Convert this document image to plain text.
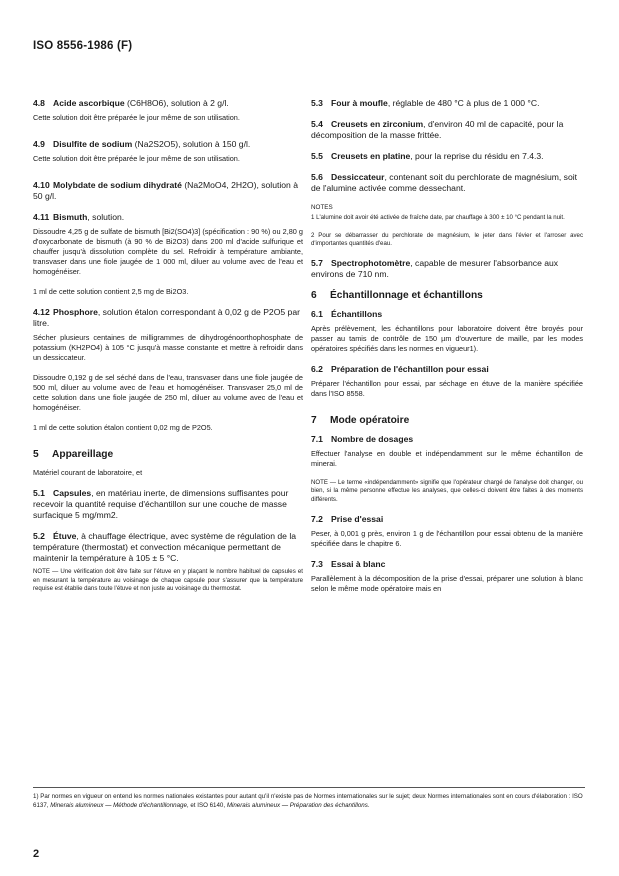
ISO 8556-1986 (F)
4.8 Acide ascorbique (C6H8O6), solution à 2 g/l.
Cette solution doit être préparée le jour même de son utilisation.
4.9 Disulfite de sodium (Na2S2O5), solution à 150 g/l.
Cette solution doit être préparée le jour même de son utilisation.
4.10 Molybdate de sodium dihydraté (Na2MoO4, 2H2O), solution à 50 g/l.
4.11 Bismuth, solution.
Dissoudre 4,25 g de sulfate de bismuth [Bi2(SO4)3] (spécification : 90 %) ou 2,80 g d'oxycarbonate de bismuth (à 90 % de Bi2O3) dans 200 ml d'acide sulfurique et chauffer jusqu'à dissolution complète du sel. Refroidir à température ambiante, transvaser dans une fiole jaugée de 1 000 ml, diluer au volume avec de l'eau et homogénéiser.
1 ml de cette solution contient 2,5 mg de Bi2O3.
4.12 Phosphore, solution étalon correspondant à 0,02 g de P2O5 par litre.
Sécher plusieurs centaines de milligrammes de dihydrogénoorthophosphate de potassium (KH2PO4) à 105 °C jusqu'à masse constante et mettre à refroidir dans un dessiccateur.
Dissoudre 0,192 g de sel séché dans de l'eau, transvaser dans une fiole jaugée de 500 ml, diluer au volume avec de l'eau et homogénéiser. Transvaser 25,0 ml de cette solution dans une fiole jaugée de 250 ml, diluer au volume avec de l'eau et homogénéiser.
1 ml de cette solution étalon contient 0,02 mg de P2O5.
5 Appareillage
Matériel courant de laboratoire, et
5.1 Capsules, en matériau inerte, de dimensions suffisantes pour recevoir la quantité requise d'échantillon sur une couche de masse surfacique 5 mg/mm2.
5.2 Étuve, à chauffage électrique, avec système de régulation de la température (thermostat) et convection mécanique permettant de maintenir la température à 105 ± 5 °C.
NOTE — Une vérification doit être faite sur l'étuve en y plaçant le nombre habituel de capsules et en mesurant la température au voisinage de chaque capsule pour s'assurer que la température requise est établie dans toute l'étuve et non juste au voisinage du thermostat.
5.3 Four à moufle, réglable de 480 °C à plus de 1 000 °C.
5.4 Creusets en zirconium, d'environ 40 ml de capacité, pour la décomposition de la masse frittée.
5.5 Creusets en platine, pour la reprise du résidu en 7.4.3.
5.6 Dessiccateur, contenant soit du perchlorate de magnésium, soit de l'alumine activée comme dessechant.
NOTES
1 L'alumine doit avoir été activée de fraîche date, par chauffage à 300 ± 10 °C pendant la nuit.
2 Pour se débarrasser du perchlorate de magnésium, le jeter dans l'évier et l'arroser avec d'importantes quantités d'eau.
5.7 Spectrophotomètre, capable de mesurer l'absorbance aux environs de 710 nm.
6 Échantillonnage et échantillons
6.1 Échantillons
Après prélèvement, les échantillons pour laboratoire doivent être broyés pour passer au tamis de contrôle de 150 µm d'ouverture de maille, par les modes opératoires spécifiés dans les normes en vigueur1).
6.2 Préparation de l'échantillon pour essai
Préparer l'échantillon pour essai, par séchage en étuve de la manière spécifiée dans l'ISO 8558.
7 Mode opératoire
7.1 Nombre de dosages
Effectuer l'analyse en double et indépendamment sur le même échantillon de minerai.
NOTE — Le terme «indépendamment» signifie que l'opérateur chargé de l'analyse doit changer, ou bien, si la même personne effectue les analyses, que celles-ci doivent être faites à des moments différents.
7.2 Prise d'essai
Peser, à 0,001 g près, environ 1 g de l'échantillon pour essai obtenu de la manière spécifiée dans le chapitre 6.
7.3 Essai à blanc
Parallèlement à la décomposition de la prise d'essai, préparer une solution à blanc selon le même mode opératoire mais en
1) Par normes en vigueur on entend les normes nationales existantes pour autant qu'il n'existe pas de Normes internationales sur le sujet; deux Normes internationales sont en cours d'élaboration : ISO 6137, Minerais alumineux — Méthode d'échantillonnage, et ISO 6140, Minerais alumineux — Préparation des échantillons.
2
